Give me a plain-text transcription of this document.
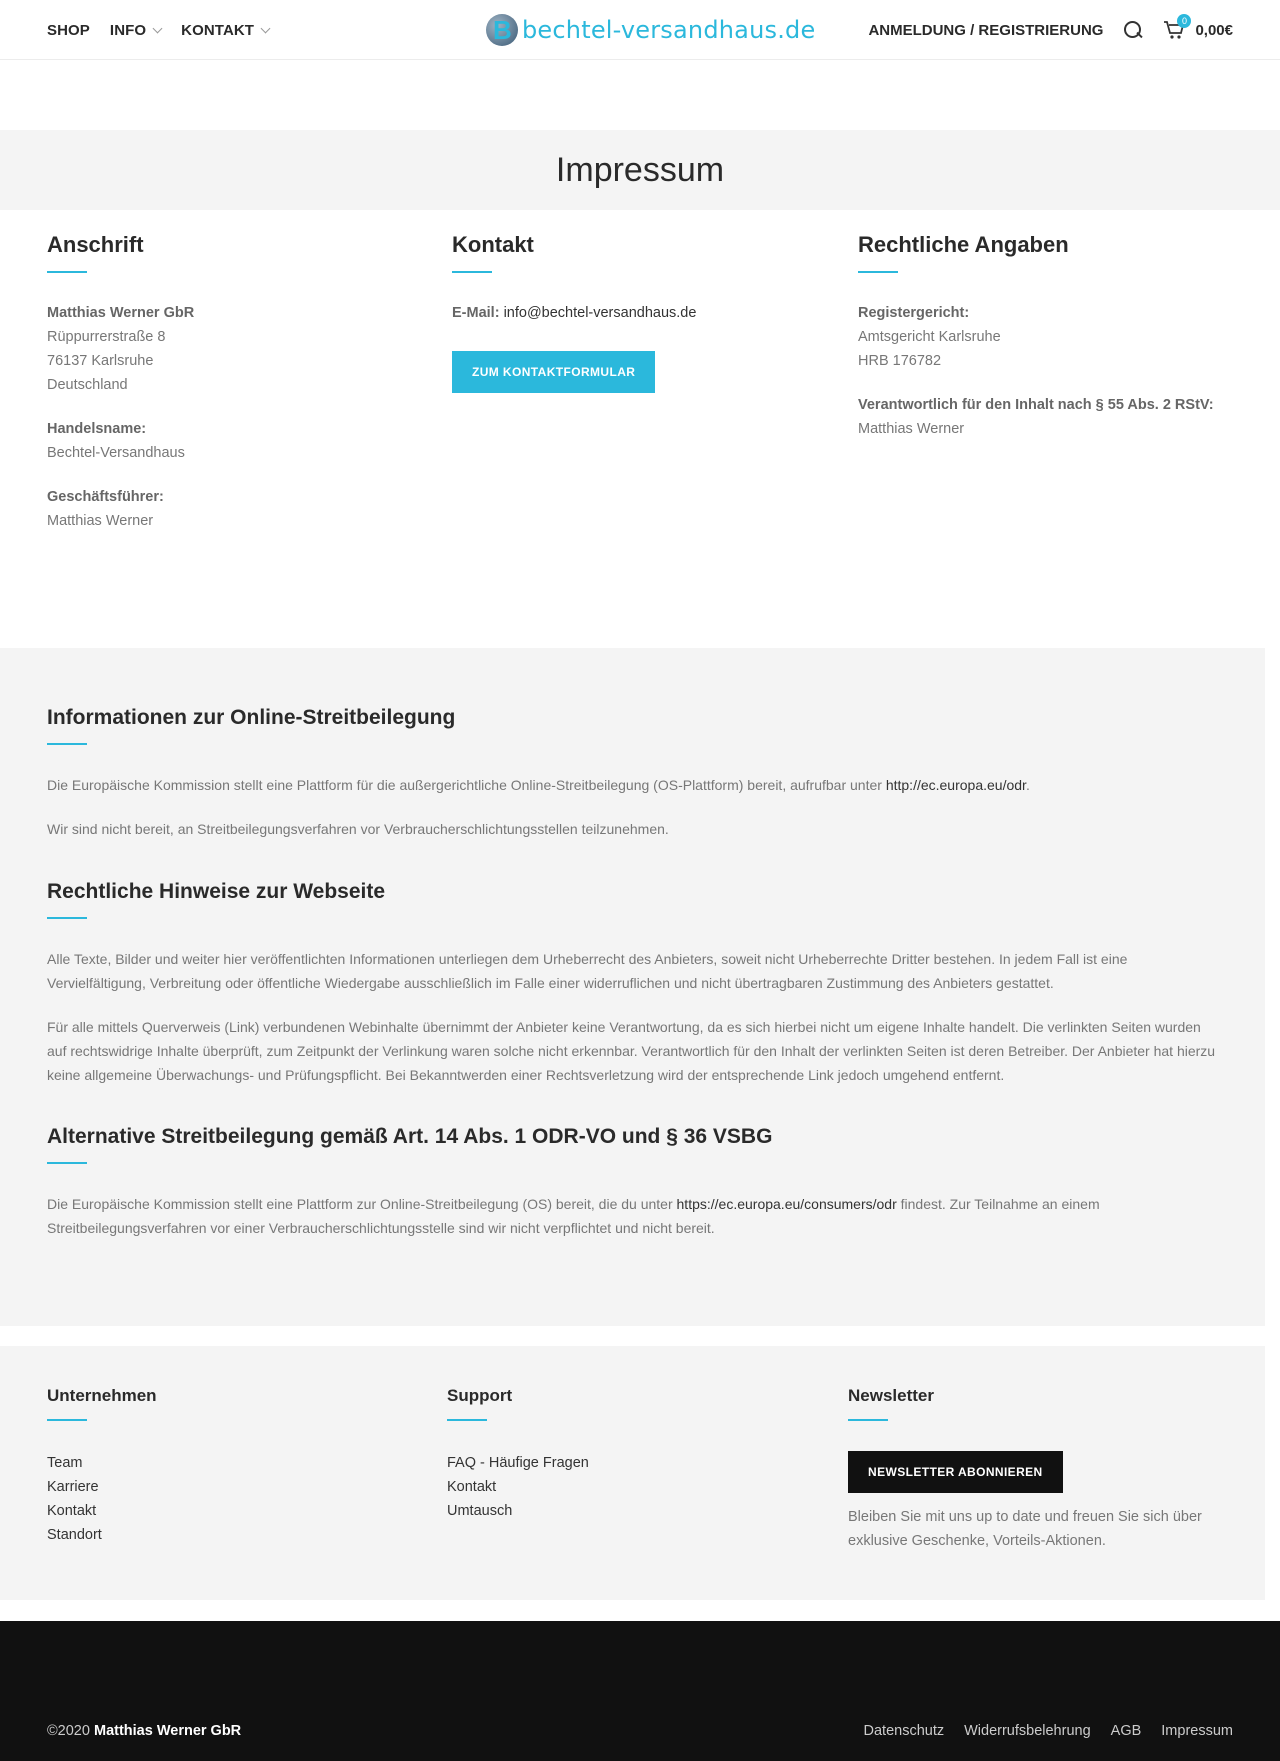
SHOP INFO KONTAKT	B bechtel-versandhaus.de	ANMELDUNG / REGISTRIERUNG
0
0,00€
Impressum
Anschrift

Matthias Werner GbR

Rüppurrerstraße 8

76137 Karlsruhe

Deutschland

Handelsname:

Bechtel-Versandhaus

Geschäftsführer:

Matthias Werner

Kontakt

E-Mail: info@bechtel-versandhaus.de

ZUM KONTAKTFORMULAR
Rechtliche Angaben

Registergericht:

Amtsgericht Karlsruhe

HRB 176782

Verantwortlich für den Inhalt nach § 55 Abs. 2 RStV:

Matthias Werner

Informationen zur Online-Streitbeilegung

Die Europäische Kommission stellt eine Plattform für die außergerichtliche Online-Streitbeilegung (OS-Plattform) bereit, aufrufbar unter http://ec.europa.eu/odr.

Wir sind nicht bereit, an Streitbeilegungsverfahren vor Verbraucherschlichtungsstellen teilzunehmen.

Rechtliche Hinweise zur Webseite

Alle Texte, Bilder und weiter hier veröffentlichten Informationen unterliegen dem Urheberrecht des Anbieters, soweit nicht Urheberrechte Dritter bestehen. In jedem Fall ist eine Vervielfältigung, Verbreitung oder öffentliche Wiedergabe ausschließlich im Falle einer widerruflichen und nicht übertragbaren Zustimmung des Anbieters gestattet.

Für alle mittels Querverweis (Link) verbundenen Webinhalte übernimmt der Anbieter keine Verantwortung, da es sich hierbei nicht um eigene Inhalte handelt. Die verlinkten Seiten wurden auf rechtswidrige Inhalte überprüft, zum Zeitpunkt der Verlinkung waren solche nicht erkennbar. Verantwortlich für den Inhalt der verlinkten Seiten ist deren Betreiber. Der Anbieter hat hierzu keine allgemeine Überwachungs- und Prüfungspflicht. Bei Bekanntwerden einer Rechtsverletzung wird der entsprechende Link jedoch umgehend entfernt.

Alternative Streitbeilegung gemäß Art. 14 Abs. 1 ODR-VO und § 36 VSBG

Die Europäische Kommission stellt eine Plattform zur Online-Streitbeilegung (OS) bereit, die du unter https://ec.europa.eu/consumers/odr findest. Zur Teilnahme an einem Streitbeilegungsverfahren vor einer Verbraucherschlichtungsstelle sind wir nicht verpflichtet und nicht bereit.

Unternehmen
Team
Karriere
Kontakt
Standort
Support
FAQ - Häufige Fragen
Kontakt
Umtausch
Newsletter
NEWSLETTER ABONNIEREN

Bleiben Sie mit uns up to date und freuen Sie sich über exklusive Geschenke, Vorteils-Aktionen.

©2020 Matthias Werner GbR	Datenschutz Widerrufsbelehrung AGB Impressum
